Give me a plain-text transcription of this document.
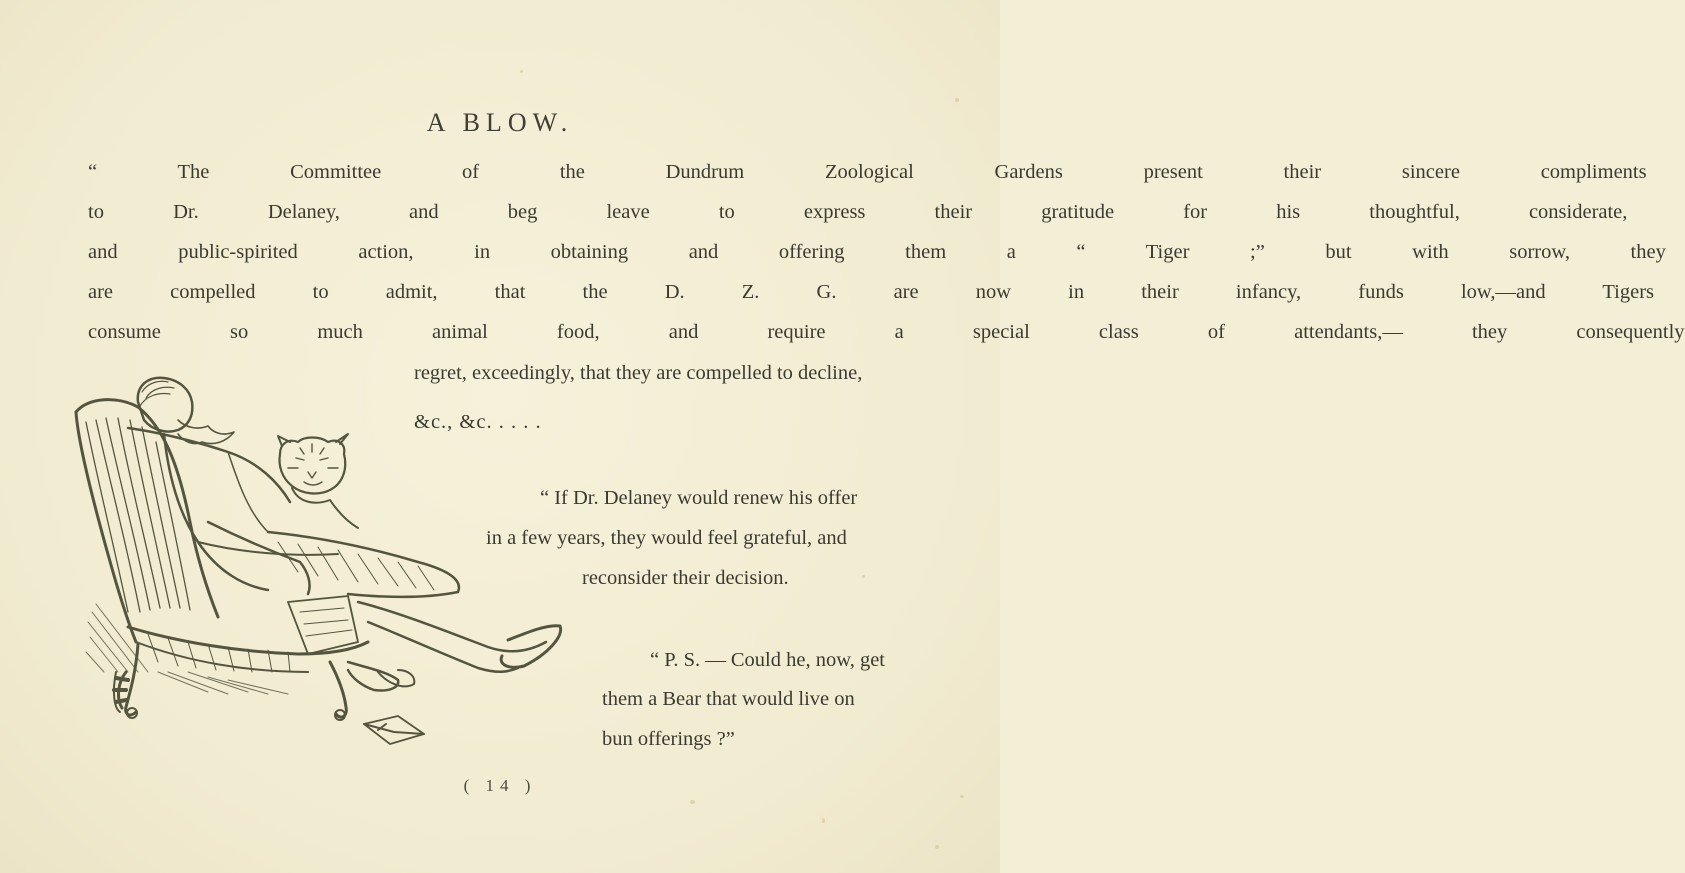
A BLOW.
“ The Committee of the Dundrum Zoological Gardens present their sincere compliments
to Dr. Delaney, and beg leave to express their gratitude for his thoughtful, considerate,
and public-spirited action, in obtaining and offering them a “ Tiger ;” but with sorrow, they
are compelled to admit, that the D. Z. G. are now in their infancy, funds low,—and Tigers
consume so much animal food, and require a special class of attendants,— they consequently
regret, exceedingly, that they are compelled to decline,
&c., &c. . . . .
“ If Dr. Delaney would renew his offer
in a few years, they would feel grateful, and
reconsider their decision.
“ P. S. — Could he, now, get
them a Bear that would live on
bun offerings ?”
( 14 )
